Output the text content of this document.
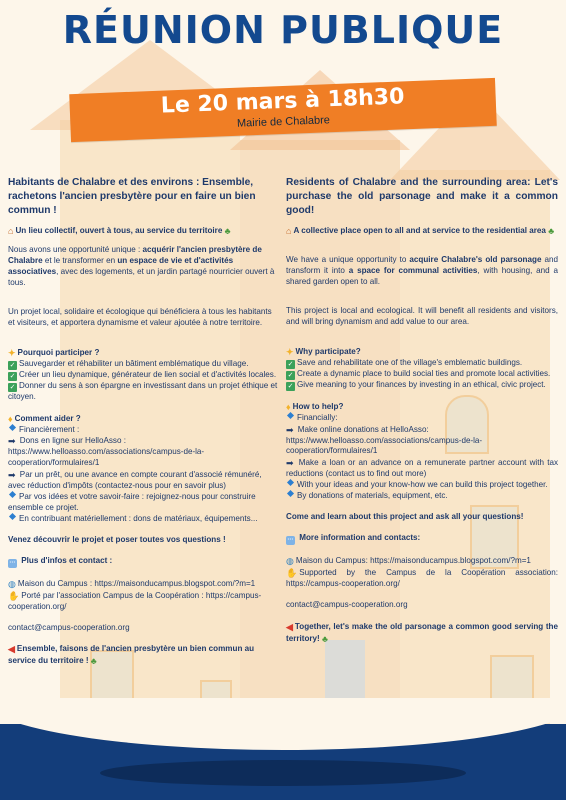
RÉUNION PUBLIQUE
Le 20 mars à 18h30
Mairie de Chalabre
Habitants de Chalabre et des environs : Ensemble, rachetons l'ancien presbytère pour en faire un bien commun !
⌂ Un lieu collectif, ouvert à tous, au service du territoire ♣

Nous avons une opportunité unique : acquérir l'ancien presbytère de Chalabre et le transformer en un espace de vie et d'activités associatives, avec des logements, et un jardin partagé nourricier ouvert à tous.

Un projet local, solidaire et écologique qui bénéficiera à tous les habitants et visiteurs, et apportera dynamisme et valeur ajoutée à notre territoire.

✦ Pourquoi participer ?
✓ Sauvegarder et réhabiliter un bâtiment emblématique du village.
✓ Créer un lieu dynamique, générateur de lien social et d'activités locales.
✓ Donner du sens à son épargne en investissant dans un projet éthique et citoyen.
♦ Comment aider ?
Financièrement :
➡ Dons en ligne sur HelloAsso :
https://www.helloasso.com/associations/campus-de-la-cooperation/formulaires/1
➡ Par un prêt, ou une avance en compte courant d'associé rémunéré, avec réduction d'impôts (contactez-nous pour en savoir plus)
Par vos idées et votre savoir-faire : rejoignez-nous pour construire ensemble ce projet.
En contribuant matériellement : dons de matériaux, équipements...
Venez découvrir le projet et poser toutes vos questions !
··· Plus d'infos et contact :
◍ Maison du Campus : https://maisonducampus.blogspot.com/?m=1
✋ Porté par l'association Campus de la Coopération : https://campus-cooperation.org/
contact@campus-cooperation.org
◀ Ensemble, faisons de l'ancien presbytère un bien commun au service du territoire ! ♣
Residents of Chalabre and the surrounding area: Let's purchase the old parsonage and make it a common good!
⌂ A collective place open to all and at service to the residential area ♣

We have a unique opportunity to acquire Chalabre's old parsonage and transform it into a space for communal activities, with housing, and a shared garden open to all.

This project is local and ecological. It will benefit all residents and visitors, and will bring dynamism and add value to our area.

✦ Why participate?
✓ Save and rehabilitate one of the village's emblematic buildings.
✓ Create a dynamic place to build social ties and promote local activities.
✓ Give meaning to your finances by investing in an ethical, civic project.
♦ How to help?
Financially:
➡ Make online donations at HelloAsso:
https://www.helloasso.com/associations/campus-de-la-cooperation/formulaires/1
➡ Make a loan or an advance on a remunerate partner account with tax reductions (contact us to find out more)
With your ideas and your know-how we can build this project together.
By donations of materials, equipment, etc.
Come and learn about this project and ask all your questions!
··· More information and contacts:
◍ Maison du Campus: https://maisonducampus.blogspot.com/?m=1
✋ Supported by the Campus de la Coopération association: https://campus-cooperation.org/
contact@campus-cooperation.org
◀ Together, let's make the old parsonage a common good serving the territory! ♣
